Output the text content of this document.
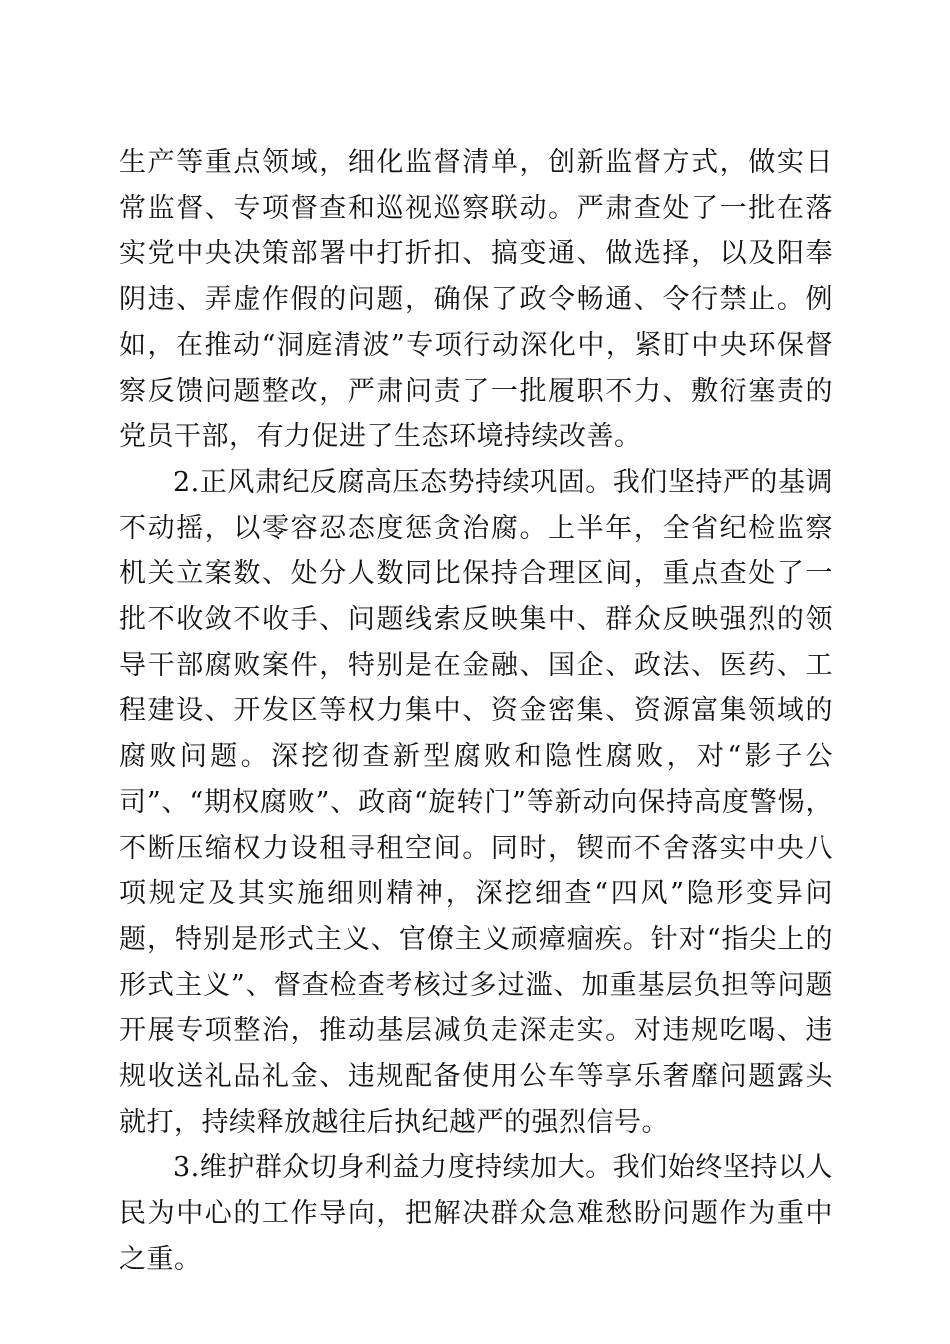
生产等重点领域，细化监督清单，创新监督方式，做实日常监督、专项督查和巡视巡察联动。严肃查处了一批在落实党中央决策部署中打折扣、搞变通、做选择，以及阳奉阴违、弄虚作假的问题，确保了政令畅通、令行禁止。例如，在推动“洞庭清波”专项行动深化中，紧盯中央环保督察反馈问题整改，严肃问责了一批履职不力、敷衍塞责的党员干部，有力促进了生态环境持续改善。

2.正风肃纪反腐高压态势持续巩固。我们坚持严的基调不动摇，以零容忍态度惩贪治腐。上半年，全省纪检监察机关立案数、处分人数同比保持合理区间，重点查处了一批不收敛不收手、问题线索反映集中、群众反映强烈的领导干部腐败案件，特别是在金融、国企、政法、医药、工程建设、开发区等权力集中、资金密集、资源富集领域的腐败问题。深挖彻查新型腐败和隐性腐败，对“影子公司”、“期权腐败”、政商“旋转门”等新动向保持高度警惕，不断压缩权力设租寻租空间。同时，锲而不舍落实中央八项规定及其实施细则精神，深挖细查“四风”隐形变异问题，特别是形式主义、官僚主义顽瘴痼疾。针对“指尖上的形式主义”、督查检查考核过多过滥、加重基层负担等问题开展专项整治，推动基层减负走深走实。对违规吃喝、违规收送礼品礼金、违规配备使用公车等享乐奢靡问题露头就打，持续释放越往后执纪越严的强烈信号。

3.维护群众切身利益力度持续加大。我们始终坚持以人民为中心的工作导向，把解决群众急难愁盼问题作为重中之重。
